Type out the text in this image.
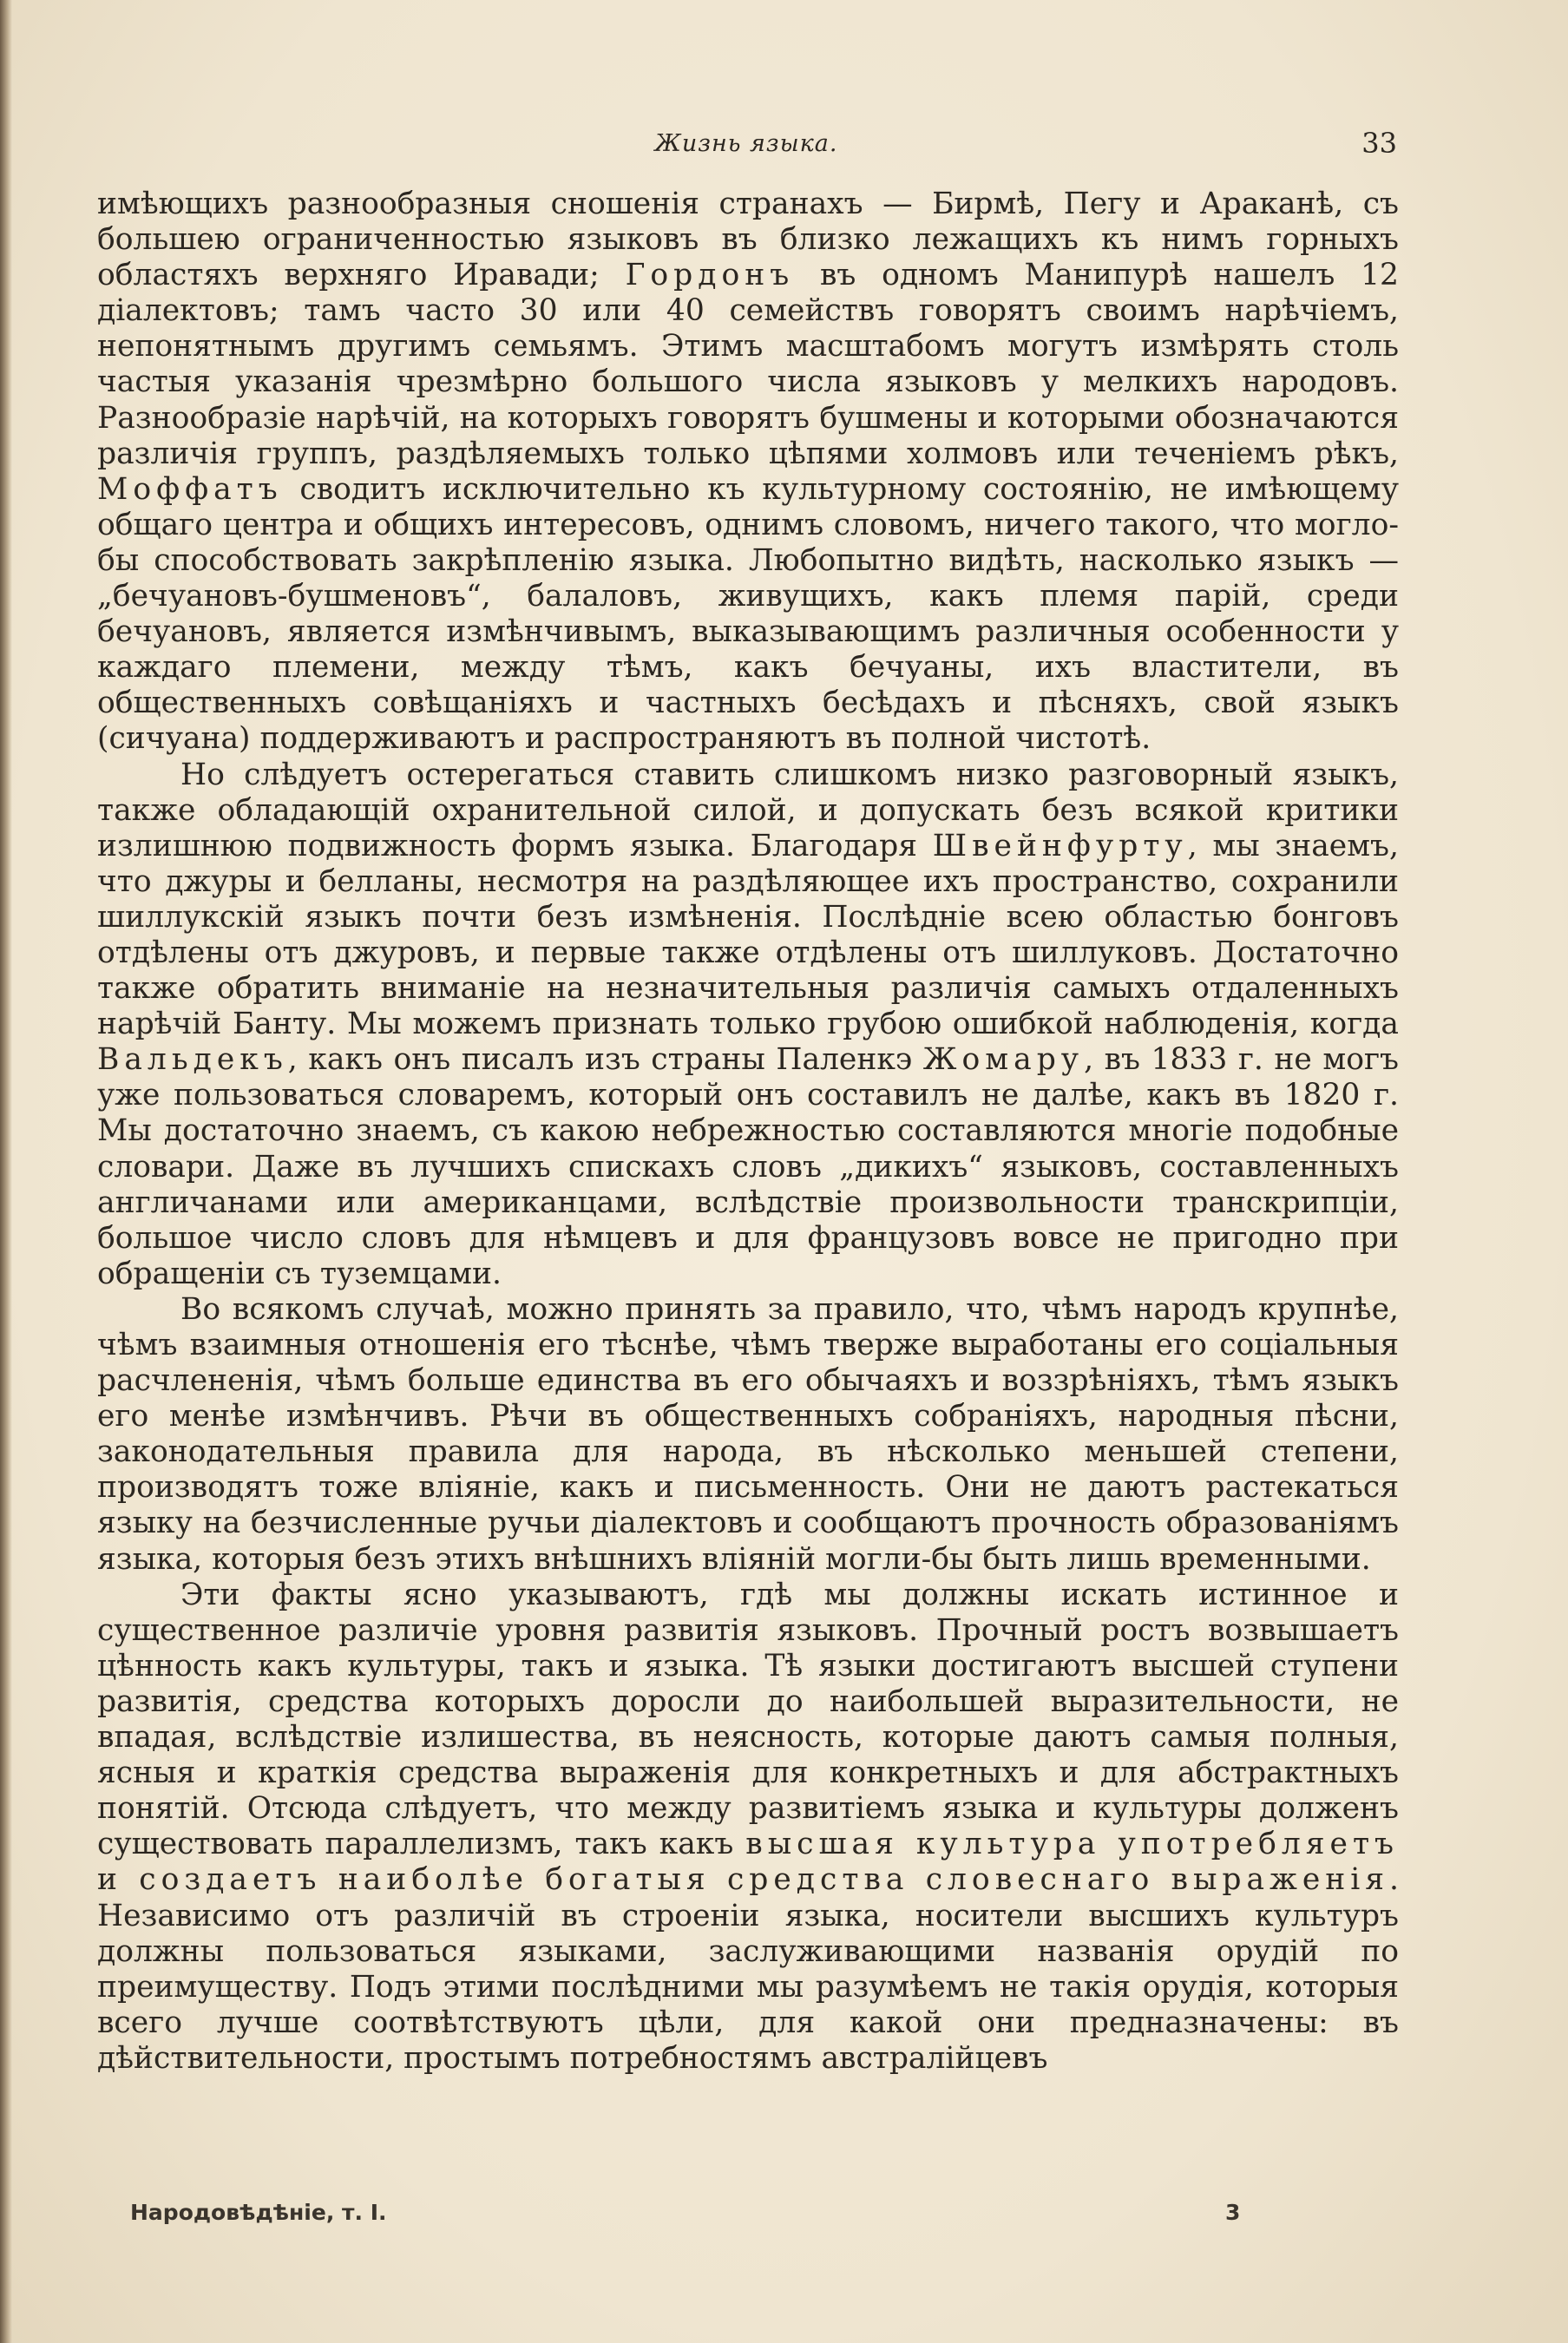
Жизнь языка.	33

имѣющихъ разнообразныя сношенія странахъ — Бирмѣ, Пегу и Араканѣ, съ большею ограниченностью языковъ въ близко лежащихъ къ нимъ горныхъ областяхъ верхняго Иравади; Гордонъ въ одномъ Манипурѣ нашелъ 12 діалектовъ; тамъ часто 30 или 40 семействъ говорятъ своимъ нарѣчіемъ, непонятнымъ другимъ семьямъ. Этимъ масштабомъ могутъ измѣрять столь частыя указанія чрезмѣрно большого числа языковъ у мелкихъ народовъ. Разнообразіе нарѣчій, на которыхъ говорятъ бушмены и которыми обозначаются различія группъ, раздѣляемыхъ только цѣпями холмовъ или теченіемъ рѣкъ, Моффатъ сводитъ исключительно къ культурному состоянію, не имѣющему общаго центра и общихъ интересовъ, однимъ словомъ, ничего такого, что могло-бы способствовать закрѣпленію языка. Любопытно видѣть, насколько языкъ — „бечуановъ-бушменовъ“, балаловъ, живущихъ, какъ племя парій, среди бечуановъ, является измѣнчивымъ, выказывающимъ различныя особенности у каждаго племени, между тѣмъ, какъ бечуаны, ихъ властители, въ общественныхъ совѣщаніяхъ и частныхъ бесѣдахъ и пѣсняхъ, свой языкъ (сичуана) поддерживаютъ и распространяютъ въ полной чистотѣ.

Но слѣдуетъ остерегаться ставить слишкомъ низко разговорный языкъ, также обладающій охранительной силой, и допускать безъ всякой критики излишнюю подвижность формъ языка. Благодаря Швейнфурту, мы знаемъ, что джуры и белланы, несмотря на раздѣляющее ихъ пространство, сохранили шиллукскій языкъ почти безъ измѣненія. Послѣдніе всею областью бонговъ отдѣлены отъ джуровъ, и первые также отдѣлены отъ шиллуковъ. Достаточно также обратить вниманіе на незначительныя различія самыхъ отдаленныхъ нарѣчій Банту. Мы можемъ признать только грубою ошибкой наблюденія, когда Вальдекъ, какъ онъ писалъ изъ страны Паленкэ Жомару, въ 1833 г. не могъ уже пользоваться словаремъ, который онъ составилъ не далѣе, какъ въ 1820 г. Мы достаточно знаемъ, съ какою небрежностью составляются многіе подобные словари. Даже въ лучшихъ спискахъ словъ „дикихъ“ языковъ, составленныхъ англичанами или американцами, вслѣдствіе произвольности транскрипціи, большое число словъ для нѣмцевъ и для французовъ вовсе не пригодно при обращеніи съ туземцами.

Во всякомъ случаѣ, можно принять за правило, что, чѣмъ народъ крупнѣе, чѣмъ взаимныя отношенія его тѣснѣе, чѣмъ тверже выработаны его соціальныя расчлененія, чѣмъ больше единства въ его обычаяхъ и воззрѣніяхъ, тѣмъ языкъ его менѣе измѣнчивъ. Рѣчи въ общественныхъ собраніяхъ, народныя пѣсни, законодательныя правила для народа, въ нѣсколько меньшей степени, производятъ тоже вліяніе, какъ и письменность. Они не даютъ растекаться языку на безчисленные ручьи діалектовъ и сообщаютъ прочность образованіямъ языка, которыя безъ этихъ внѣшнихъ вліяній могли-бы быть лишь временными.

Эти факты ясно указываютъ, гдѣ мы должны искать истинное и существенное различіе уровня развитія языковъ. Прочный ростъ возвышаетъ цѣнность какъ культуры, такъ и языка. Тѣ языки достигаютъ высшей ступени развитія, средства которыхъ доросли до наибольшей выразительности, не впадая, вслѣдствіе излишества, въ неясность, которые даютъ самыя полныя, ясныя и краткія средства выраженія для конкретныхъ и для абстрактныхъ понятій. Отсюда слѣдуетъ, что между развитіемъ языка и культуры долженъ существовать параллелизмъ, такъ какъ высшая культура употребляетъ и создаетъ наиболѣе богатыя средства словеснаго выраженія. Независимо отъ различій въ строеніи языка, носители высшихъ культуръ должны пользоваться языками, заслуживающими названія орудій по преимуществу. Подъ этими послѣдними мы разумѣемъ не такія орудія, которыя всего лучше соотвѣтствуютъ цѣли, для какой они предназначены: въ дѣйствительности, простымъ потребностямъ австралійцевъ

Народовѣдѣніе, т. I.	3
